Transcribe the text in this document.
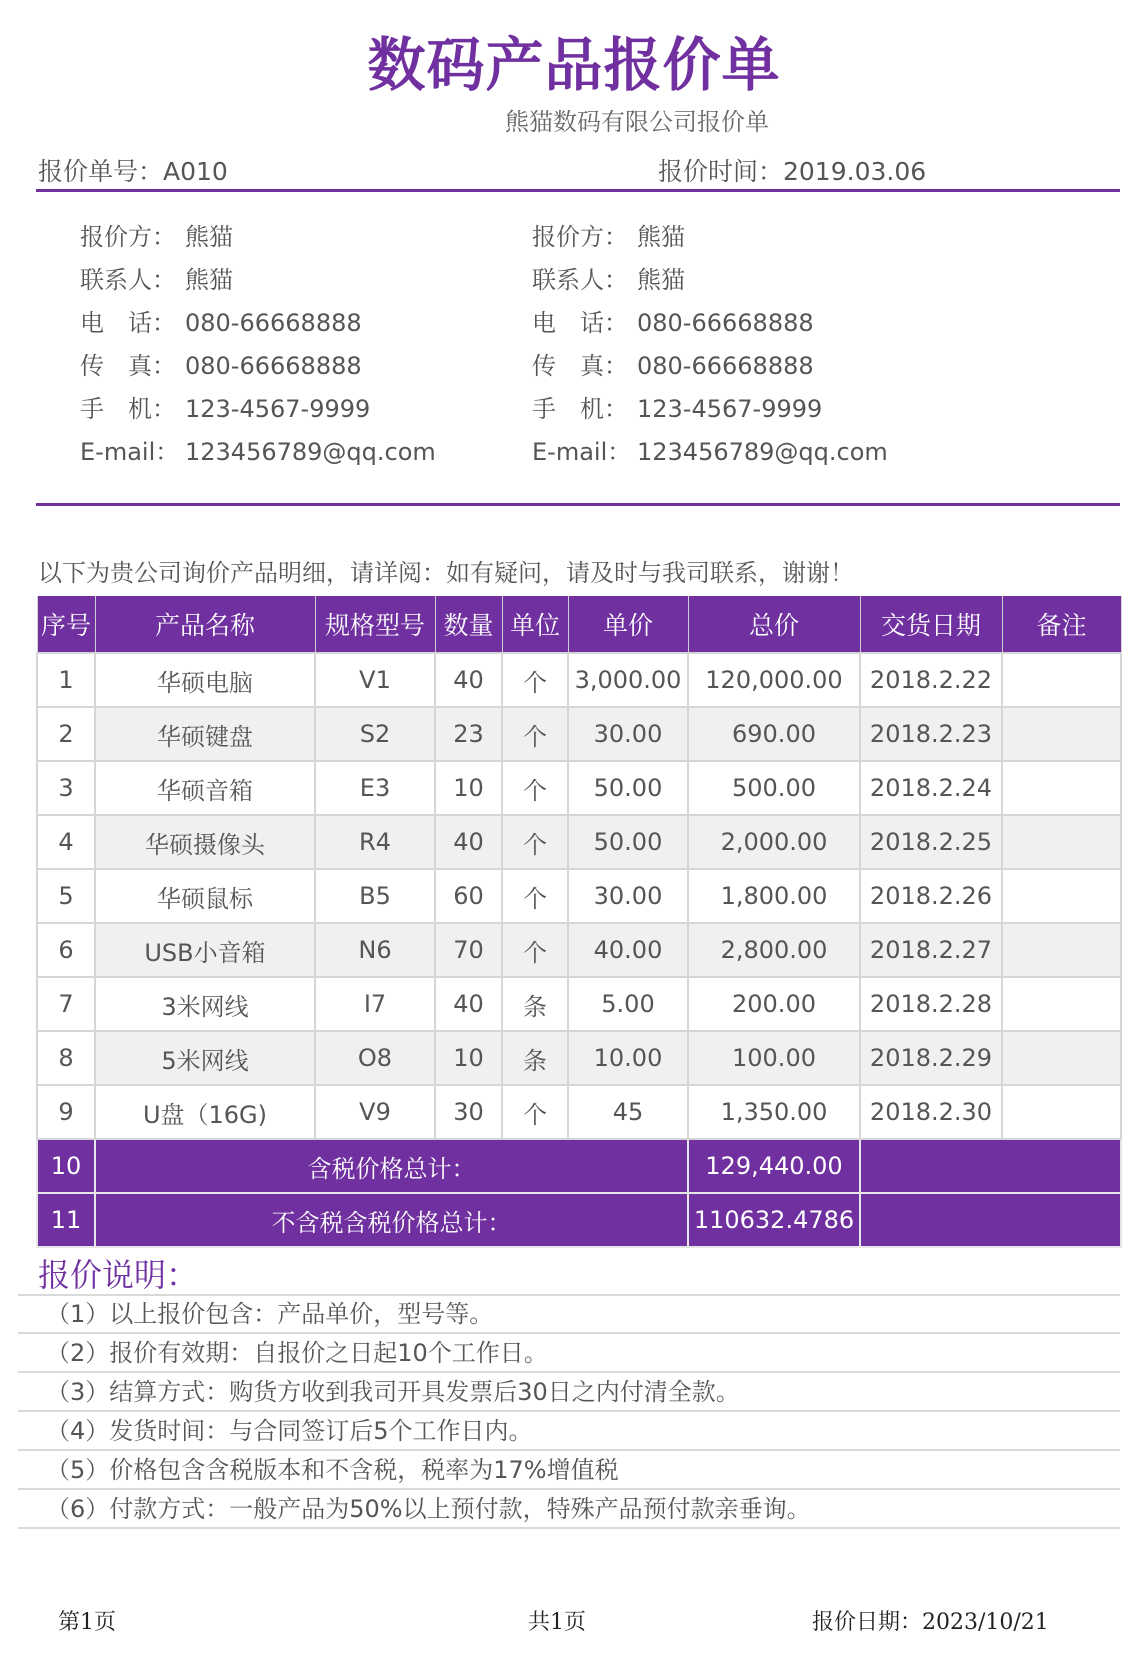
数码产品报价单
熊猫数码有限公司报价单
报价单号：A010	报价时间：2019.03.06
报价方： 熊猫
联系人： 熊猫
电　话： 080-66668888
传　真： 080-66668888
手　机： 123-4567-9999
E-mail： 123456789@qq.com
报价方： 熊猫
联系人： 熊猫
电　话： 080-66668888
传　真： 080-66668888
手　机： 123-4567-9999
E-mail： 123456789@qq.com
以下为贵公司询价产品明细，请详阅：如有疑问，请及时与我司联系，谢谢！
序号	产品名称	规格型号	数量	单位	单价	总价	交货日期	备注
1	华硕电脑	V1	40	个	3,000.00	120,000.00	2018.2.22	
2	华硕键盘	S2	23	个	30.00	690.00	2018.2.23	
3	华硕音箱	E3	10	个	50.00	500.00	2018.2.24	
4	华硕摄像头	R4	40	个	50.00	2,000.00	2018.2.25	
5	华硕鼠标	B5	60	个	30.00	1,800.00	2018.2.26	
6	USB小音箱	N6	70	个	40.00	2,800.00	2018.2.27	
7	3米网线	I7	40	条	5.00	200.00	2018.2.28	
8	5米网线	O8	10	条	10.00	100.00	2018.2.29	
9	U盘（16G)	V9	30	个	45	1,350.00	2018.2.30	
10	含税价格总计：					129,440.00		
11	不含税含税价格总计：					110632.4786		
报价说明：
（1）以上报价包含：产品单价，型号等。
（2）报价有效期：自报价之日起10个工作日。
（3）结算方式：购货方收到我司开具发票后30日之内付清全款。
（4）发货时间：与合同签订后5个工作日内。
（5）价格包含含税版本和不含税，税率为17%增值税
（6）付款方式：一般产品为50%以上预付款，特殊产品预付款亲垂询。
第1页	共1页	报价日期：2023/10/21
